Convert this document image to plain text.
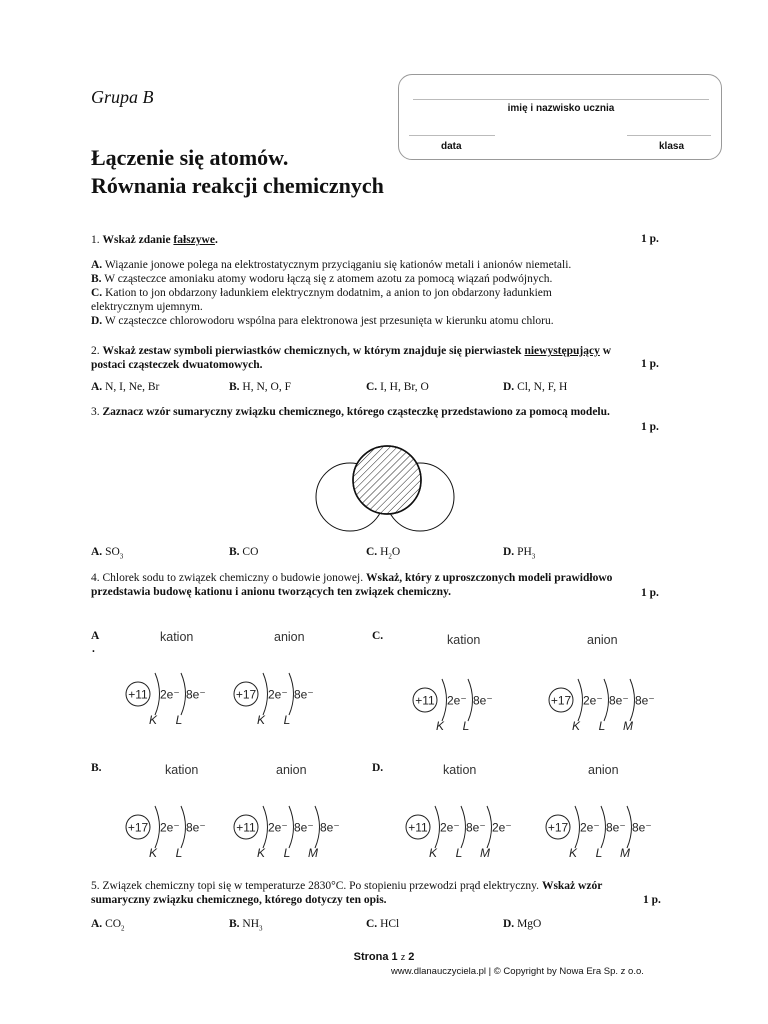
Grupa B
Łączenie się atomów.
Równania reakcji chemicznych
imię i nazwisko ucznia
data	klasa
1. Wskaż zdanie fałszywe.	1 p.
A. Wiązanie jonowe polega na elektrostatycznym przyciąganiu się kationów metali i anionów niemetali.
B. W cząsteczce amoniaku atomy wodoru łączą się z atomem azotu za pomocą wiązań podwójnych.
C. Kation to jon obdarzony ładunkiem elektrycznym dodatnim, a anion to jon obdarzony ładunkiem
elektrycznym ujemnym.
D. W cząsteczce chlorowodoru wspólna para elektronowa jest przesunięta w kierunku atomu chloru.
2. Wskaż zestaw symboli pierwiastków chemicznych, w którym znajduje się pierwiastek niewystępujący w
postaci cząsteczek dwuatomowych.	1 p.
A. N, I, Ne, Br	B. H, N, O, F	C. I, H, Br, O	D. Cl, N, F, H
3. Zaznacz wzór sumaryczny związku chemicznego, którego cząsteczkę przedstawiono za pomocą modelu.
1 p.
A. $SO_3$	B. CO	C. $H_2O$	D. $PH_3$
4. Chlorek sodu to związek chemiczny o budowie jonowej. Wskaż, który z uproszczonych modeli prawidłowo
przedstawia budowę kationu i anionu tworzących ten związek chemiczny.	1 p.
A
.
C.
B.	D.
kation	anion	kation	anion
kation	anion	kation	anion
+11 2e⁻
K
8e⁻
L
+17 2e⁻
K
8e⁻
L
+11 2e⁻
K
8e⁻
L
+17 2e⁻
K
8e⁻
L
8e⁻
M
+17 2e⁻
K
8e⁻
L
+11 2e⁻
K
8e⁻
L
8e⁻
M
+11 2e⁻
K
8e⁻
L
2e⁻
M
+17 2e⁻
K
8e⁻
L
8e⁻
M
5. Związek chemiczny topi się w temperaturze 2830°C. Po stopieniu przewodzi prąd elektryczny. Wskaż wzór
sumaryczny związku chemicznego, którego dotyczy ten opis.	1 p.
A. $CO_2$	B. $NH_3$	C. HCl	D. MgO
Strona 1 z 2
www.dlanauczyciela.pl | © Copyright by Nowa Era Sp. z o.o.
